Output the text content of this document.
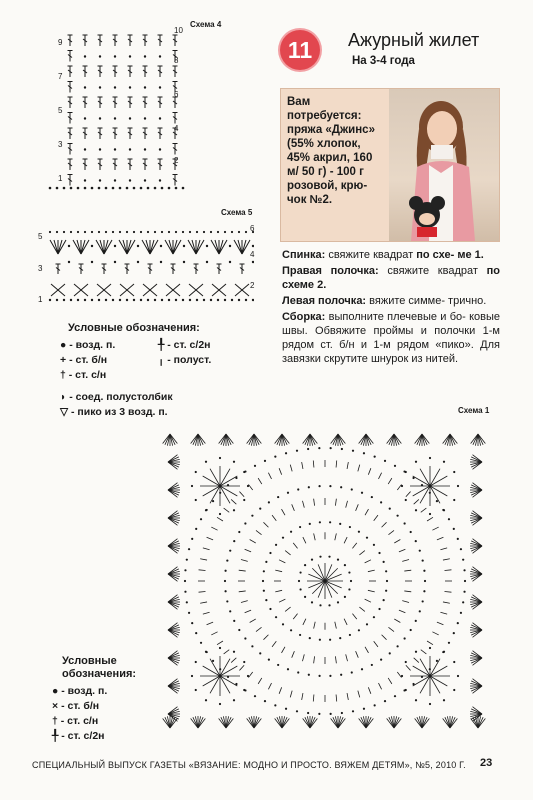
Схема 4
9
7
5
3
1
10
8
6
4
2
Схема 5
5
3
1
6
4
2
Условные обозначения:
● - возд. п.	╀ - ст. с/2н
+ - ст. б/н	╷ - полуст.
† - ст. с/н
◗ - соед. полустолбик
▽ - пико из 3 возд. п.
11	Ажурный жилет
На 3-4 года
Вам потребуется: пряжа «Джинс» (55% хлопок, 45% акрил, 160 м/ 50 г) - 100 г розовой, крю- чок №2.

Спинка: свяжите квадрат по схе- ме 1.

Правая полочка: свяжите квадрат по схеме 2.

Левая полочка: вяжите симме- трично.

Сборка: выполните плечевые и бо- ковые швы. Обвяжите проймы и полочки 1-м рядом ст. б/н и 1-м рядом «пико». Для завязки скрутите шнурок из нитей.

Схема 1
Условные обозначения:
● - возд. п.
× - ст. б/н
† - ст. с/н
╀ - ст. с/2н
СПЕЦИАЛЬНЫЙ ВЫПУСК ГАЗЕТЫ «ВЯЗАНИЕ: МОДНО И ПРОСТО. ВЯЖЕМ ДЕТЯМ», №5, 2010 Г. 23
